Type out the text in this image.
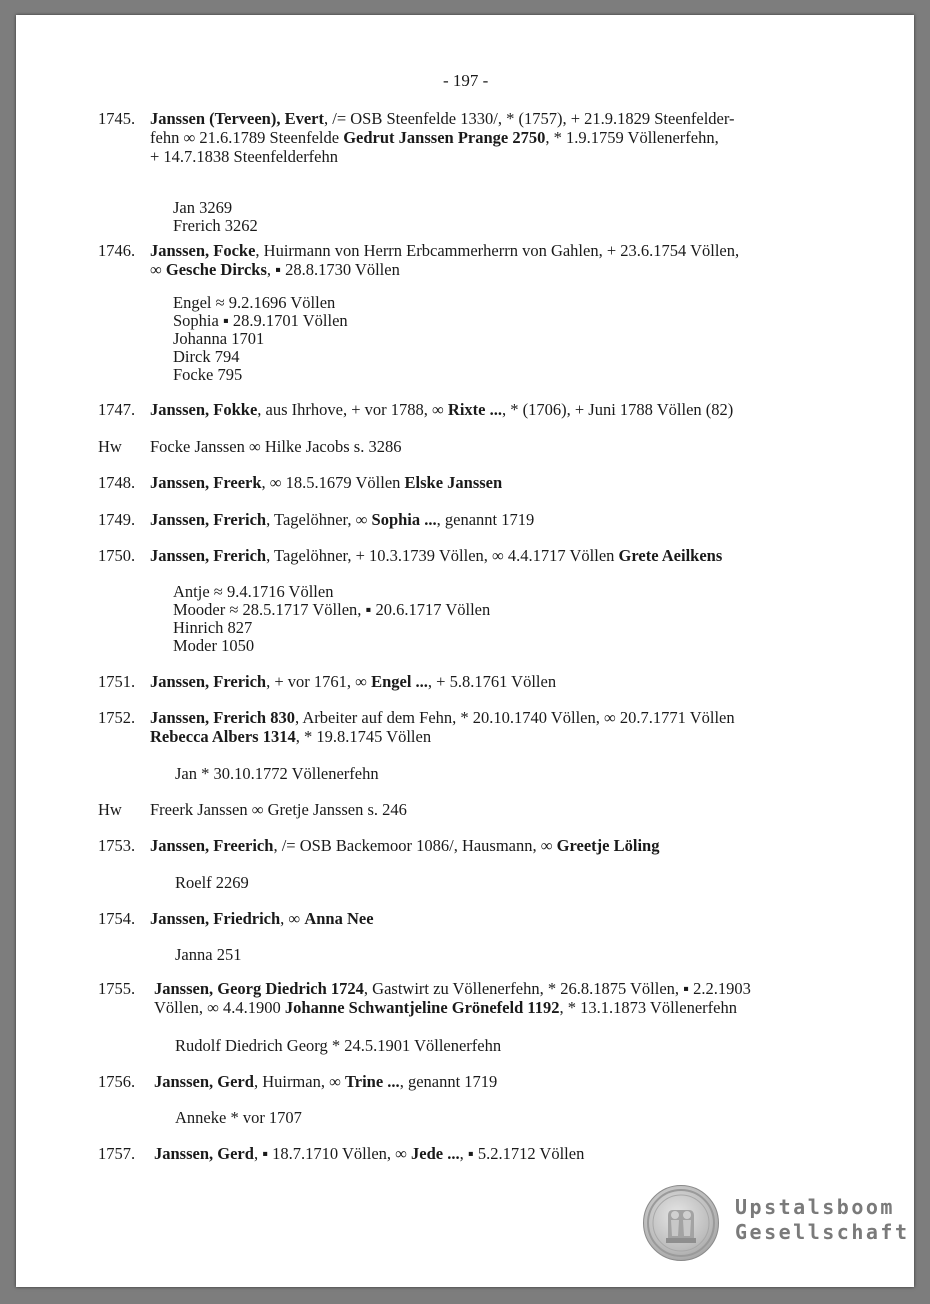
- 197 -
1745. Janssen (Terveen), Evert, /= OSB Steenfelde 1330/, * (1757), + 21.9.1829 Steenfelder-
fehn ∞ 21.6.1789 Steenfelde Gedrut Janssen Prange 2750, * 1.9.1759 Völlenerfehn,
+ 14.7.1838 Steenfelderfehn
Jan 3269
Frerich 3262
1746. Janssen, Focke, Huirmann von Herrn Erbcammerherrn von Gahlen, + 23.6.1754 Völlen,
∞ Gesche Dircks, ▪ 28.8.1730 Völlen
Engel ≈ 9.2.1696 Völlen
Sophia ▪ 28.9.1701 Völlen
Johanna 1701
Dirck 794
Focke 795
1747. Janssen, Fokke, aus Ihrhove, + vor 1788, ∞ Rixte ..., * (1706), + Juni 1788 Völlen (82)
Hw	Focke Janssen ∞ Hilke Jacobs s. 3286
1748. Janssen, Freerk, ∞ 18.5.1679 Völlen Elske Janssen
1749. Janssen, Frerich, Tagelöhner, ∞ Sophia ..., genannt 1719
1750. Janssen, Frerich, Tagelöhner, + 10.3.1739 Völlen, ∞ 4.4.1717 Völlen Grete Aeilkens
Antje ≈ 9.4.1716 Völlen
Mooder ≈ 28.5.1717 Völlen, ▪ 20.6.1717 Völlen
Hinrich 827
Moder 1050
1751. Janssen, Frerich, + vor 1761, ∞ Engel ..., + 5.8.1761 Völlen
1752. Janssen, Frerich 830, Arbeiter auf dem Fehn, * 20.10.1740 Völlen, ∞ 20.7.1771 Völlen
Rebecca Albers 1314, * 19.8.1745 Völlen
Jan * 30.10.1772 Völlenerfehn
Hw	Freerk Janssen ∞ Gretje Janssen s. 246
1753. Janssen, Freerich, /= OSB Backemoor 1086/, Hausmann, ∞ Greetje Löling
Roelf 2269
1754. Janssen, Friedrich, ∞ Anna Nee
Janna 251
1755.	Janssen, Georg Diedrich 1724, Gastwirt zu Völlenerfehn, * 26.8.1875 Völlen, ▪ 2.2.1903
Völlen, ∞ 4.4.1900 Johanne Schwantjeline Grönefeld 1192, * 13.1.1873 Völlenerfehn
Rudolf Diedrich Georg * 24.5.1901 Völlenerfehn
1756.	Janssen, Gerd, Huirman, ∞ Trine ..., genannt 1719
Anneke * vor 1707
1757.	Janssen, Gerd, ▪ 18.7.1710 Völlen, ∞ Jede ..., ▪ 5.2.1712 Völlen
Upstalsboom
Gesellschaft
